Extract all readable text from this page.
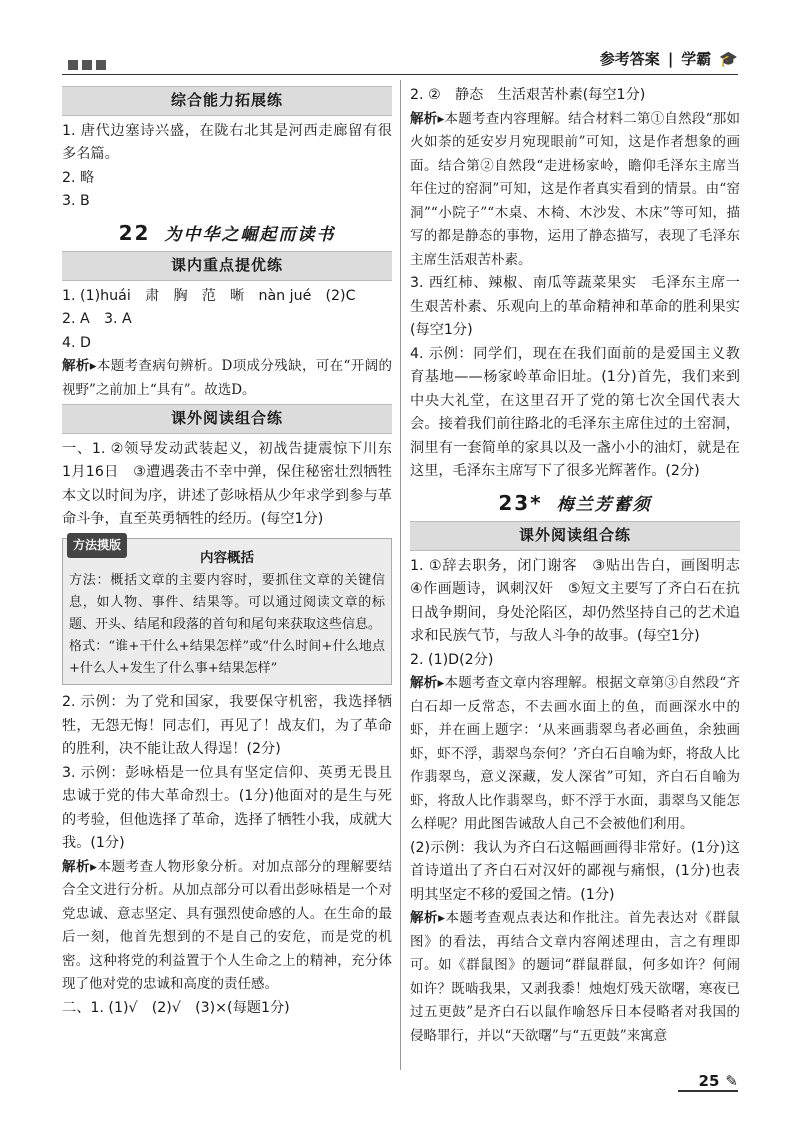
参考答案 | 学霸 🎓
综合能力拓展练

1. 唐代边塞诗兴盛，在陇右北其是河西走廊留有很多名篇。

2. 略

3. B

22 为中华之崛起而读书
课内重点提优练

1. (1)huái　肃　胸　范　晰　nàn jué　(2)C

2. A　3. A

4. D

解析▸本题考查病句辨析。D项成分残缺，可在“开阔的视野”之前加上“具有”。故选D。

课外阅读组合练

一、1. ②领导发动武装起义，初战告捷震惊下川东　1月16日　③遭遇袭击不幸中弹，保住秘密壮烈牺牲　本文以时间为序，讲述了彭咏梧从少年求学到参与革命斗争，直至英勇牺牲的经历。(每空1分)

方法摸版
内容概括

方法：概括文章的主要内容时，要抓住文章的关键信息，如人物、事件、结果等。可以通过阅读文章的标题、开头、结尾和段落的首句和尾句来获取这些信息。

格式：“谁+干什么+结果怎样”或“什么时间+什么地点+什么人+发生了什么事+结果怎样”

2. 示例：为了党和国家，我要保守机密，我选择牺牲，无怨无悔！同志们，再见了！战友们，为了革命的胜利，决不能让敌人得逞！(2分)

3. 示例：彭咏梧是一位具有坚定信仰、英勇无畏且忠诚于党的伟大革命烈士。(1分)他面对的是生与死的考验，但他选择了革命，选择了牺牲小我，成就大我。(1分)

解析▸本题考查人物形象分析。对加点部分的理解要结合全文进行分析。从加点部分可以看出彭咏梧是一个对党忠诚、意志坚定、具有强烈使命感的人。在生命的最后一刻，他首先想到的不是自己的安危，而是党的机密。这种将党的利益置于个人生命之上的精神，充分体现了他对党的忠诚和高度的责任感。

二、1. (1)√　(2)√　(3)×(每题1分)

2. ②　静态　生活艰苦朴素(每空1分)

解析▸本题考查内容理解。结合材料二第①自然段“那如火如荼的延安岁月宛现眼前”可知，这是作者想象的画面。结合第②自然段“走进杨家岭，瞻仰毛泽东主席当年住过的窑洞”可知，这是作者真实看到的情景。由“窑洞”“小院子”“木桌、木椅、木沙发、木床”等可知，描写的都是静态的事物，运用了静态描写，表现了毛泽东主席生活艰苦朴素。

3. 西红柿、辣椒、南瓜等蔬菜果实　毛泽东主席一生艰苦朴素、乐观向上的革命精神和革命的胜利果实(每空1分)

4. 示例：同学们，现在在我们面前的是爱国主义教育基地——杨家岭革命旧址。(1分)首先，我们来到中央大礼堂，在这里召开了党的第七次全国代表大会。接着我们前往路北的毛泽东主席住过的土窑洞，洞里有一套简单的家具以及一盏小小的油灯，就是在这里，毛泽东主席写下了很多光辉著作。(2分)

23* 梅兰芳蓄须
课外阅读组合练

1. ①辞去职务，闭门谢客　③贴出告白，画图明志　④作画题诗，讽刺汉奸　⑤短文主要写了齐白石在抗日战争期间，身处沦陷区，却仍然坚持自己的艺术追求和民族气节，与敌人斗争的故事。(每空1分)

2. (1)D(2分)

解析▸本题考查文章内容理解。根据文章第③自然段“齐白石却一反常态，不去画水面上的鱼，而画深水中的虾，并在画上题字：‘从来画翡翠鸟者必画鱼，余独画虾，虾不浮，翡翠鸟奈何？’齐白石自喻为虾，将敌人比作翡翠鸟，意义深藏，发人深省”可知，齐白石自喻为虾，将敌人比作翡翠鸟，虾不浮于水面，翡翠鸟又能怎么样呢？用此图告诫敌人自己不会被他们利用。

(2)示例：我认为齐白石这幅画画得非常好。(1分)这首诗道出了齐白石对汉奸的鄙视与痛恨，(1分)也表明其坚定不移的爱国之情。(1分)

解析▸本题考查观点表达和作批注。首先表达对《群鼠图》的看法，再结合文章内容阐述理由，言之有理即可。如《群鼠图》的题词“群鼠群鼠，何多如许？何闹如许？既啮我果，又剥我黍！烛炮灯残天欲曙，寒夜已过五更鼓”是齐白石以鼠作喻怒斥日本侵略者对我国的侵略罪行，并以“天欲曙”与“五更鼓”来寓意

25 ✎
